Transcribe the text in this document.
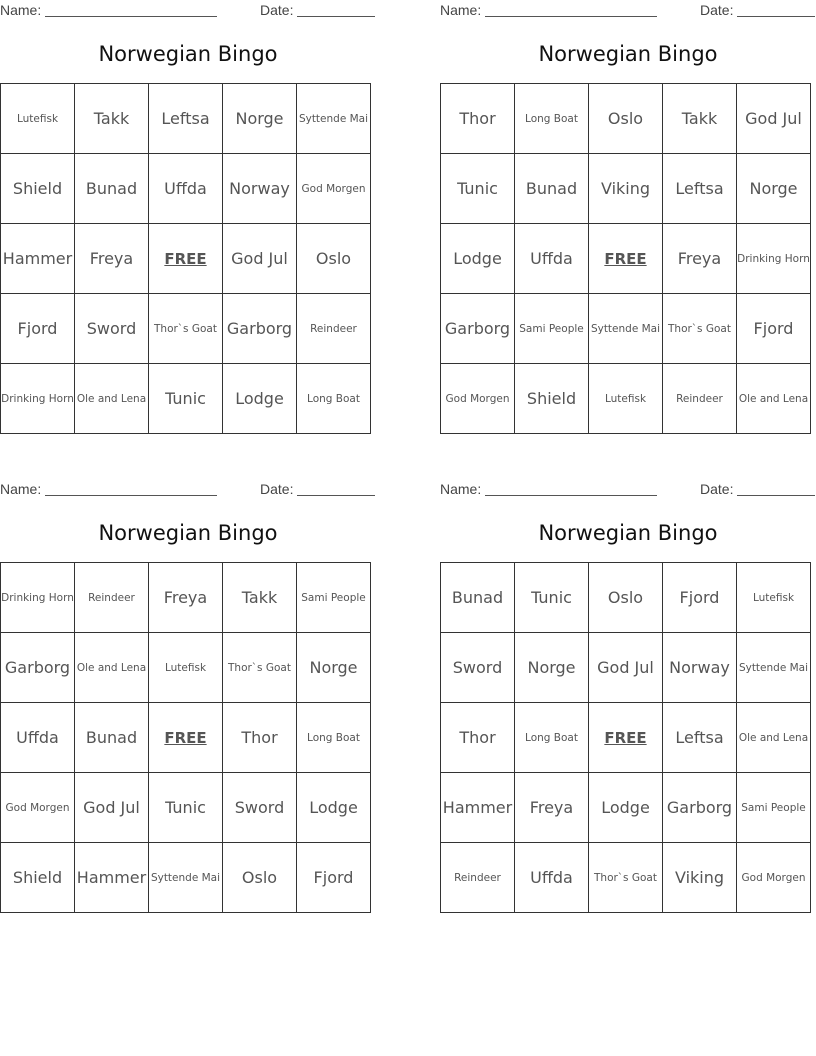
Name:	Date:
Norwegian Bingo
Lutefisk	Takk	Leftsa	Norge	Syttende Mai
Shield	Bunad	Uffda	Norway	God Morgen
Hammer	Freya	FREE	God Jul	Oslo
Fjord	Sword	Thor`s Goat	Garborg	Reindeer
Drinking Horn	Ole and Lena	Tunic	Lodge	Long Boat
Name:	Date:
Norwegian Bingo
Thor	Long Boat	Oslo	Takk	God Jul
Tunic	Bunad	Viking	Leftsa	Norge
Lodge	Uffda	FREE	Freya	Drinking Horn
Garborg	Sami People	Syttende Mai	Thor`s Goat	Fjord
God Morgen	Shield	Lutefisk	Reindeer	Ole and Lena
Name:	Date:
Norwegian Bingo
Drinking Horn	Reindeer	Freya	Takk	Sami People
Garborg	Ole and Lena	Lutefisk	Thor`s Goat	Norge
Uffda	Bunad	FREE	Thor	Long Boat
God Morgen	God Jul	Tunic	Sword	Lodge
Shield	Hammer	Syttende Mai	Oslo	Fjord
Name:	Date:
Norwegian Bingo
Bunad	Tunic	Oslo	Fjord	Lutefisk
Sword	Norge	God Jul	Norway	Syttende Mai
Thor	Long Boat	FREE	Leftsa	Ole and Lena
Hammer	Freya	Lodge	Garborg	Sami People
Reindeer	Uffda	Thor`s Goat	Viking	God Morgen
